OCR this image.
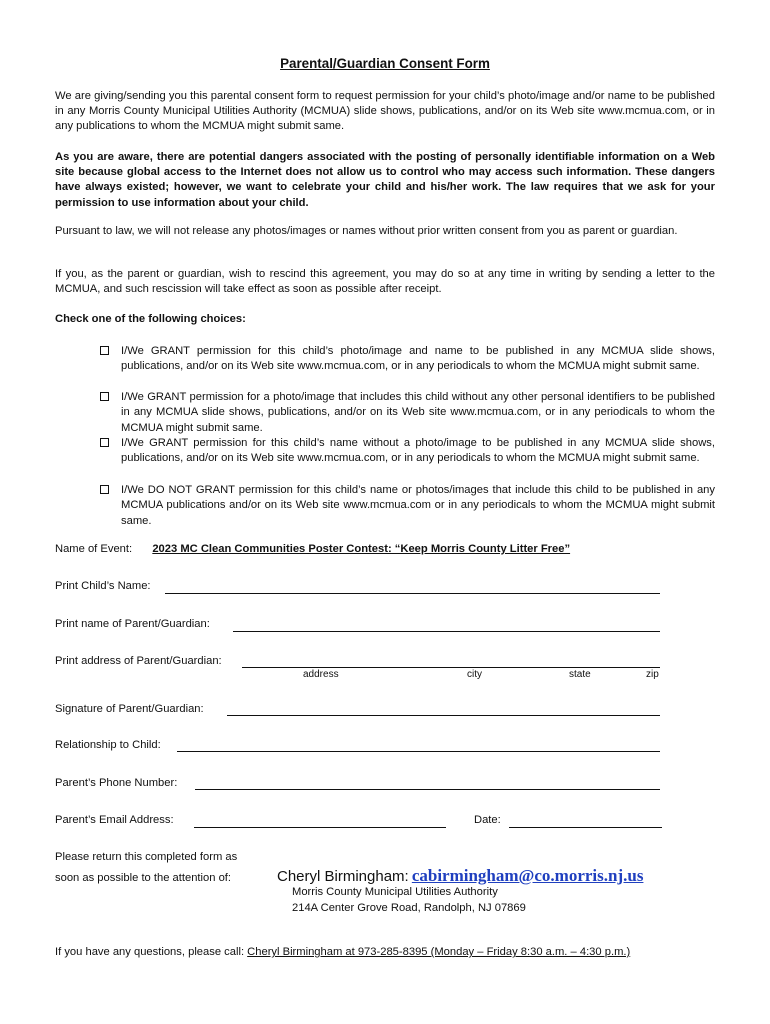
Parental/Guardian Consent Form
We are giving/sending you this parental consent form to request permission for your child’s photo/image and/or name to be published in any Morris County Municipal Utilities Authority (MCMUA) slide shows, publications, and/or on its Web site www.mcmua.com, or in any publications to whom the MCMUA might submit same.
As you are aware, there are potential dangers associated with the posting of personally identifiable information on a Web site because global access to the Internet does not allow us to control who may access such information. These dangers have always existed; however, we want to celebrate your child and his/her work. The law requires that we ask for your permission to use information about your child.
Pursuant to law, we will not release any photos/images or names without prior written consent from you as parent or guardian.
If you, as the parent or guardian, wish to rescind this agreement, you may do so at any time in writing by sending a letter to the MCMUA, and such rescission will take effect as soon as possible after receipt.
Check one of the following choices:
I/We GRANT permission for this child’s photo/image and name to be published in any MCMUA slide shows, publications, and/or on its Web site www.mcmua.com, or in any periodicals to whom the MCMUA might submit same.
I/We GRANT permission for a photo/image that includes this child without any other personal identifiers to be published in any MCMUA slide shows, publications, and/or on its Web site www.mcmua.com, or in any periodicals to whom the MCMUA might submit same.
I/We GRANT permission for this child’s name without a photo/image to be published in any MCMUA slide shows, publications, and/or on its Web site www.mcmua.com, or in any periodicals to whom the MCMUA might submit same.
I/We DO NOT GRANT permission for this child’s name or photos/images that include this child to be published in any MCMUA publications and/or on its Web site www.mcmua.com or in any periodicals to whom the MCMUA might submit same.
Name of Event: 2023 MC Clean Communities Poster Contest: “Keep Morris County Litter Free”
Print Child’s Name:
Print name of Parent/Guardian:
Print address of Parent/Guardian:
address	city	state	zip
Signature of Parent/Guardian:
Relationship to Child:
Parent’s Phone Number:
Parent’s Email Address:	Date:
Please return this completed form as
soon as possible to the attention of:	Cheryl Birmingham: cabirmingham@co.morris.nj.us
Morris County Municipal Utilities Authority
214A Center Grove Road, Randolph, NJ 07869
If you have any questions, please call: Cheryl Birmingham at 973-285-8395 (Monday – Friday 8:30 a.m. – 4:30 p.m.)
